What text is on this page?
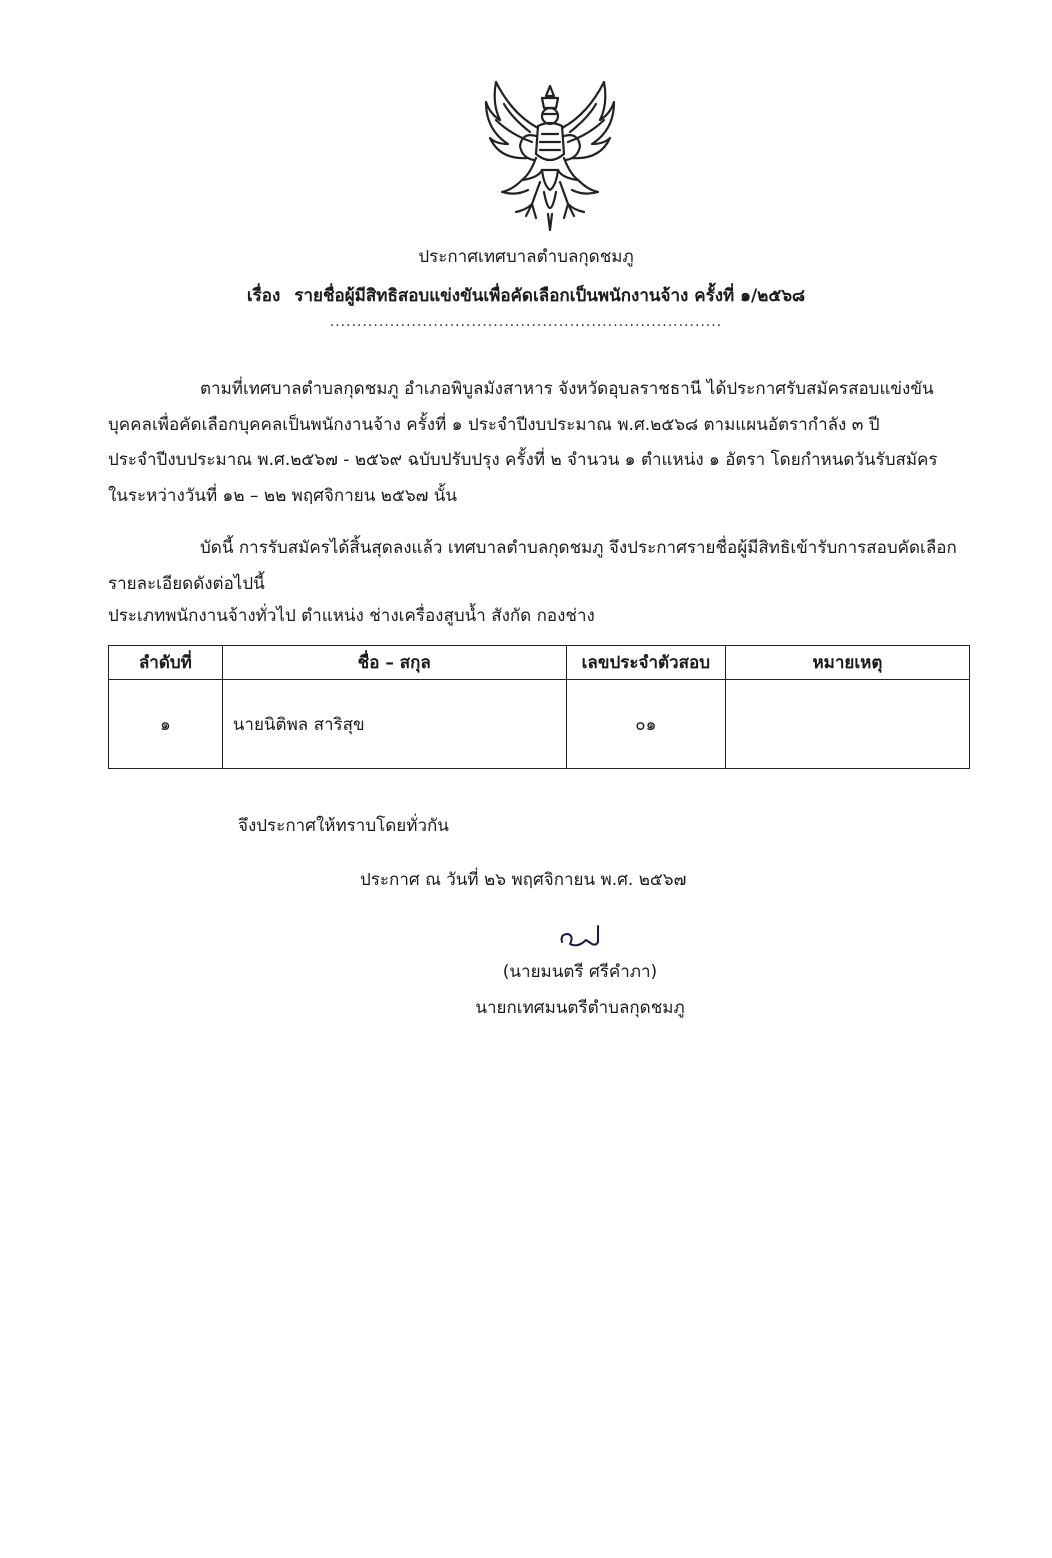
ประกาศเทศบาลตำบลกุดชมภู
เรื่อง รายชื่อผู้มีสิทธิสอบแข่งขันเพื่อคัดเลือกเป็นพนักงานจ้าง ครั้งที่ ๑/๒๕๖๘
........................................................................
ตามที่เทศบาลตำบลกุดชมภู อำเภอพิบูลมังสาหาร จังหวัดอุบลราชธานี ได้ประกาศรับสมัครสอบแข่งขัน
บุคคลเพื่อคัดเลือกบุคคลเป็นพนักงานจ้าง ครั้งที่ ๑ ประจำปีงบประมาณ พ.ศ.๒๕๖๘ ตามแผนอัตรากำลัง ๓ ปี
ประจำปีงบประมาณ พ.ศ.๒๕๖๗ - ๒๕๖๙ ฉบับปรับปรุง ครั้งที่ ๒ จำนวน ๑ ตำแหน่ง ๑ อัตรา โดยกำหนดวันรับสมัคร
ในระหว่างวันที่ ๑๒ – ๒๒ พฤศจิกายน ๒๕๖๗ นั้น
บัดนี้ การรับสมัครได้สิ้นสุดลงแล้ว เทศบาลตำบลกุดชมภู จึงประกาศรายชื่อผู้มีสิทธิเข้ารับการสอบคัดเลือก
รายละเอียดดังต่อไปนี้
ประเภทพนักงานจ้างทั่วไป ตำแหน่ง ช่างเครื่องสูบน้ำ สังกัด กองช่าง
ลำดับที่	ชื่อ – สกุล	เลขประจำตัวสอบ	หมายเหตุ
๑	นายนิติพล สาริสุข	๐๑	
จึงประกาศให้ทราบโดยทั่วกัน
ประกาศ ณ วันที่ ๒๖ พฤศจิกายน พ.ศ. ๒๕๖๗
(นายมนตรี ศรีคำภา)
นายกเทศมนตรีตำบลกุดชมภู
